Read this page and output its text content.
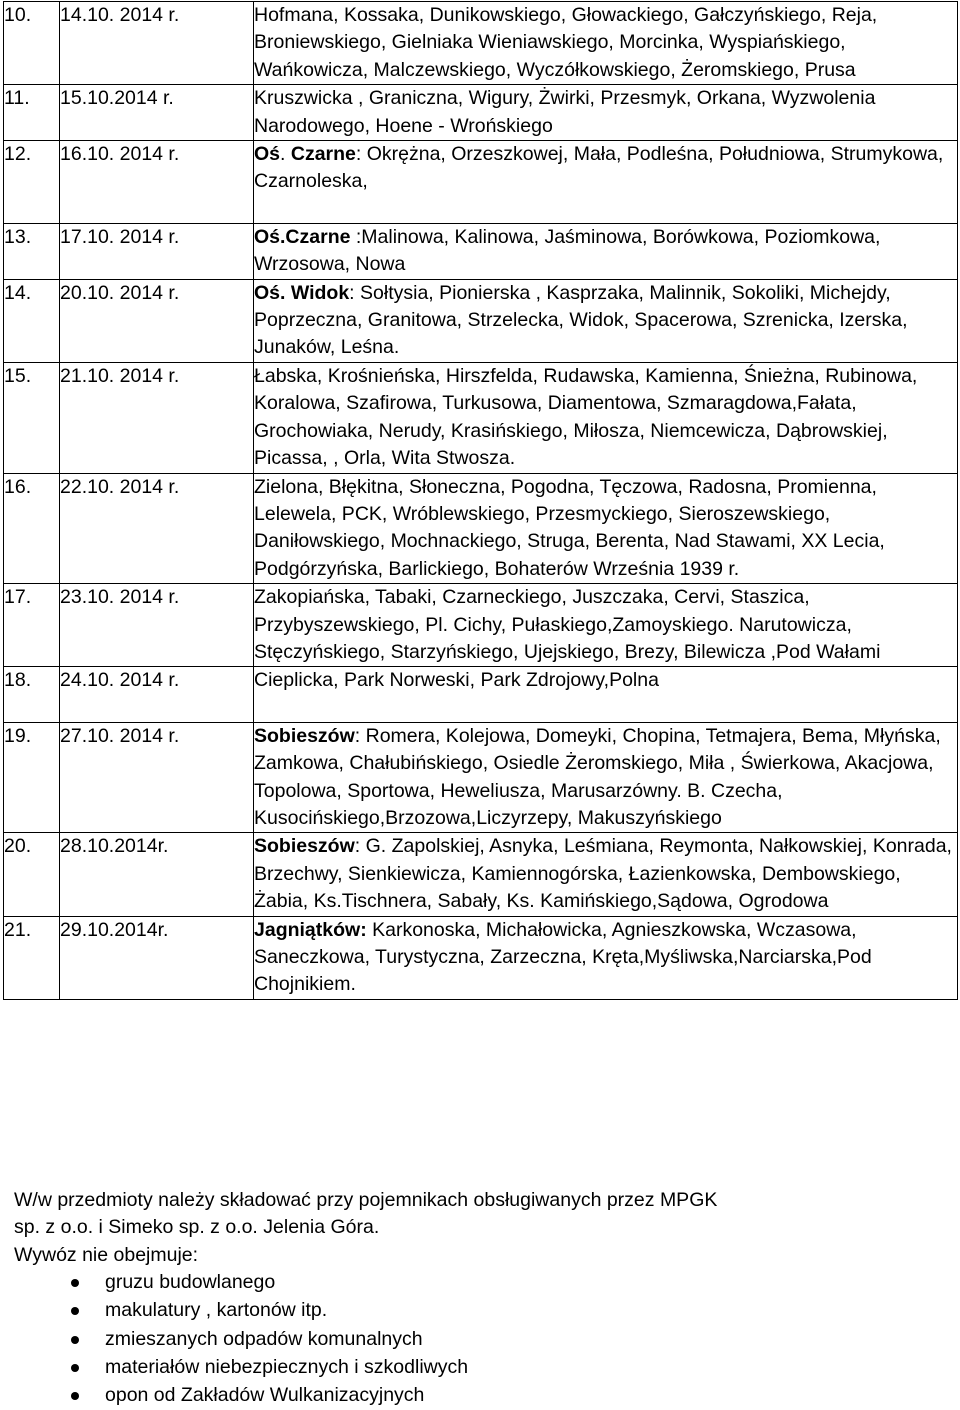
10.	14.10. 2014 r.	Hofmana, Kossaka, Dunikowskiego, Głowackiego, Gałczyńskiego, Reja, Broniewskiego, Gielniaka Wieniawskiego, Morcinka, Wyspiańskiego, Wańkowicza, Malczewskiego, Wyczółkowskiego, Żeromskiego, Prusa
11.	15.10.2014 r.	Kruszwicka , Graniczna, Wigury, Żwirki, Przesmyk, Orkana, Wyzwolenia Narodowego, Hoene - Wrońskiego
12.	16.10. 2014 r.	Oś. Czarne: Okrężna, Orzeszkowej, Mała, Podleśna, Południowa, Strumykowa, Czarnoleska,

13.	17.10. 2014 r.	Oś.Czarne :Malinowa, Kalinowa, Jaśminowa, Borówkowa, Poziomkowa, Wrzosowa, Nowa
14.	20.10. 2014 r.	Oś. Widok: Sołtysia, Pionierska , Kasprzaka, Malinnik, Sokoliki, Michejdy, Poprzeczna, Granitowa, Strzelecka, Widok, Spacerowa, Szrenicka, Izerska, Junaków, Leśna.
15.	21.10. 2014 r.	Łabska, Krośnieńska, Hirszfelda, Rudawska, Kamienna, Śnieżna, Rubinowa, Koralowa, Szafirowa, Turkusowa, Diamentowa, Szmaragdowa,Fałata, Grochowiaka, Nerudy, Krasińskiego, Miłosza, Niemcewicza, Dąbrowskiej, Picassa, , Orla, Wita Stwosza.
16.	22.10. 2014 r.	Zielona, Błękitna, Słoneczna, Pogodna, Tęczowa, Radosna, Promienna, Lelewela, PCK, Wróblewskiego, Przesmyckiego, Sieroszewskiego, Daniłowskiego, Mochnackiego, Struga, Berenta, Nad Stawami, XX Lecia, Podgórzyńska, Barlickiego, Bohaterów Września 1939 r.
17.	23.10. 2014 r.	Zakopiańska, Tabaki, Czarneckiego, Juszczaka, Cervi, Staszica, Przybyszewskiego, Pl. Cichy, Pułaskiego,Zamoyskiego. Narutowicza, Stęczyńskiego, Starzyńskiego, Ujejskiego, Brezy, Bilewicza ,Pod Wałami
18.	24.10. 2014 r.	Cieplicka, Park Norweski, Park Zdrojowy,Polna

19.	27.10. 2014 r.	Sobieszów: Romera, Kolejowa, Domeyki, Chopina, Tetmajera, Bema, Młyńska, Zamkowa, Chałubińskiego, Osiedle Żeromskiego, Miła , Świerkowa, Akacjowa, Topolowa, Sportowa, Heweliusza, Marusarzówny. B. Czecha, Kusocińskiego,Brzozowa,Liczyrzepy, Makuszyńskiego
20.	28.10.2014r.	Sobieszów: G. Zapolskiej, Asnyka, Leśmiana, Reymonta, Nałkowskiej, Konrada, Brzechwy, Sienkiewicza, Kamiennogórska, Łazienkowska, Dembowskiego, Żabia, Ks.Tischnera, Sabały, Ks. Kamińskiego,Sądowa, Ogrodowa
21.	29.10.2014r.	Jagniątków: Karkonoska, Michałowicka, Agnieszkowska, Wczasowa, Saneczkowa, Turystyczna, Zarzeczna, Kręta,Myśliwska,Narciarska,Pod Chojnikiem.

W/w przedmioty należy składować przy pojemnikach obsługiwanych przez MPGK

sp. z o.o. i Simeko sp. z o.o. Jelenia Góra.

Wywóz nie obejmuje:

gruzu budowlanego
makulatury , kartonów itp.
zmieszanych odpadów komunalnych
materiałów niebezpiecznych i szkodliwych
opon od Zakładów Wulkanizacyjnych
